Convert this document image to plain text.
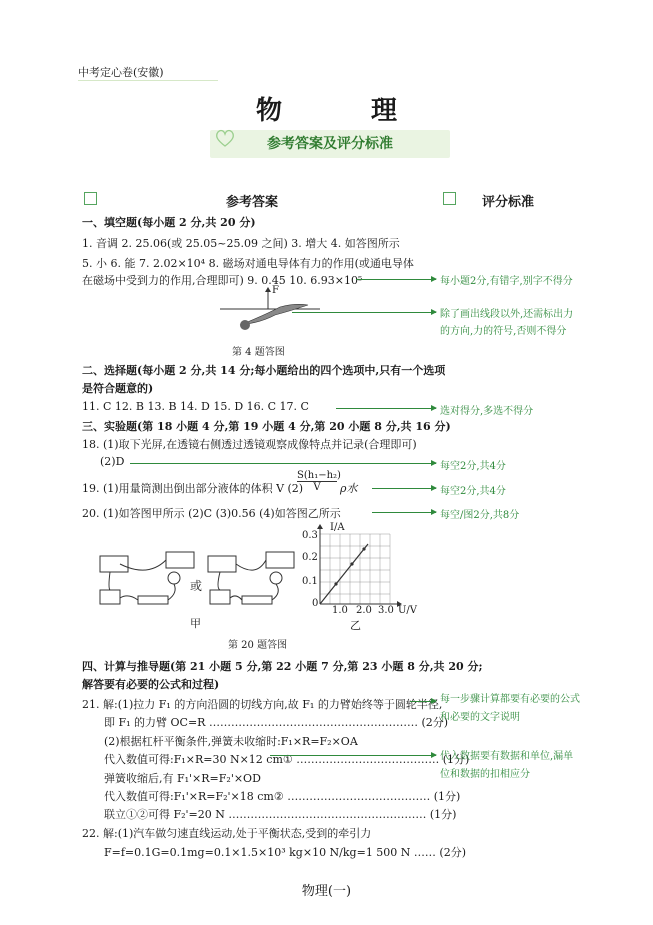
中考定心卷(安徽)
物 理
参考答案及评分标准
参考答案	评分标准
一、填空题(每小题 2 分,共 20 分)
1. 音调 2. 25.06(或 25.05~25.09 之间) 3. 增大 4. 如答图所示
5. 小 6. 能 7. 2.02×10⁴ 8. 磁场对通电导体有力的作用(或通电导体
在磁场中受到力的作用,合理即可) 9. 0.45 10. 6.93×10⁵
F
第 4 题答图
二、选择题(每小题 2 分,共 14 分;每小题给出的四个选项中,只有一个选项
是符合题意的)
11. C 12. B 13. B 14. D 15. D 16. C 17. C
三、实验题(第 18 小题 4 分,第 19 小题 4 分,第 20 小题 8 分,共 16 分)
18. (1)取下光屏,在透镜右侧透过透镜观察成像特点并记录(合理即可)
(2)D
19. (1)用量筒测出倒出部分液体的体积 V (2)
$\frac{\text{S(h₁−h₂)}}{V}$ ρ水
20. (1)如答图甲所示 (2)C (3)0.56 (4)如答图乙所示
或
甲
I/A
0.3
0.2
0.1
0
1.0 2.0 3.0 U/V
乙
第 20 题答图
四、计算与推导题(第 21 小题 5 分,第 22 小题 7 分,第 23 小题 8 分,共 20 分;
解答要有必要的公式和过程)
21. 解:(1)拉力 F₁ 的方向沿圆的切线方向,故 F₁ 的力臂始终等于圆轮半径,
即 F₁ 的力臂 OC=R ………………………………………………… (2分)
(2)根据杠杆平衡条件,弹簧未收缩时:F₁×R=F₂×OA
代入数值可得:F₁×R=30 N×12 cm① ………………………………… (1分)
弹簧收缩后,有 F₁'×R=F₂'×OD
代入数值可得:F₁'×R=F₂'×18 cm② ………………………………… (1分)
联立①②可得 F₂'=20 N ……………………………………………… (1分)
22. 解:(1)汽车做匀速直线运动,处于平衡状态,受到的牵引力
F=f=0.1G=0.1mg=0.1×1.5×10³ kg×10 N/kg=1 500 N …… (2分)
每小题2分,有错字,别字不得分
除了画出线段以外,还需标出力
的方向,力的符号,否则不得分
选对得分,多选不得分
每空2分,共4分
每空2分,共4分
每空/图2分,共8分
每一步骤计算都要有必要的公式
和必要的文字说明
代入数据要有数据和单位,漏单
位和数据的扣相应分
物理(一)
